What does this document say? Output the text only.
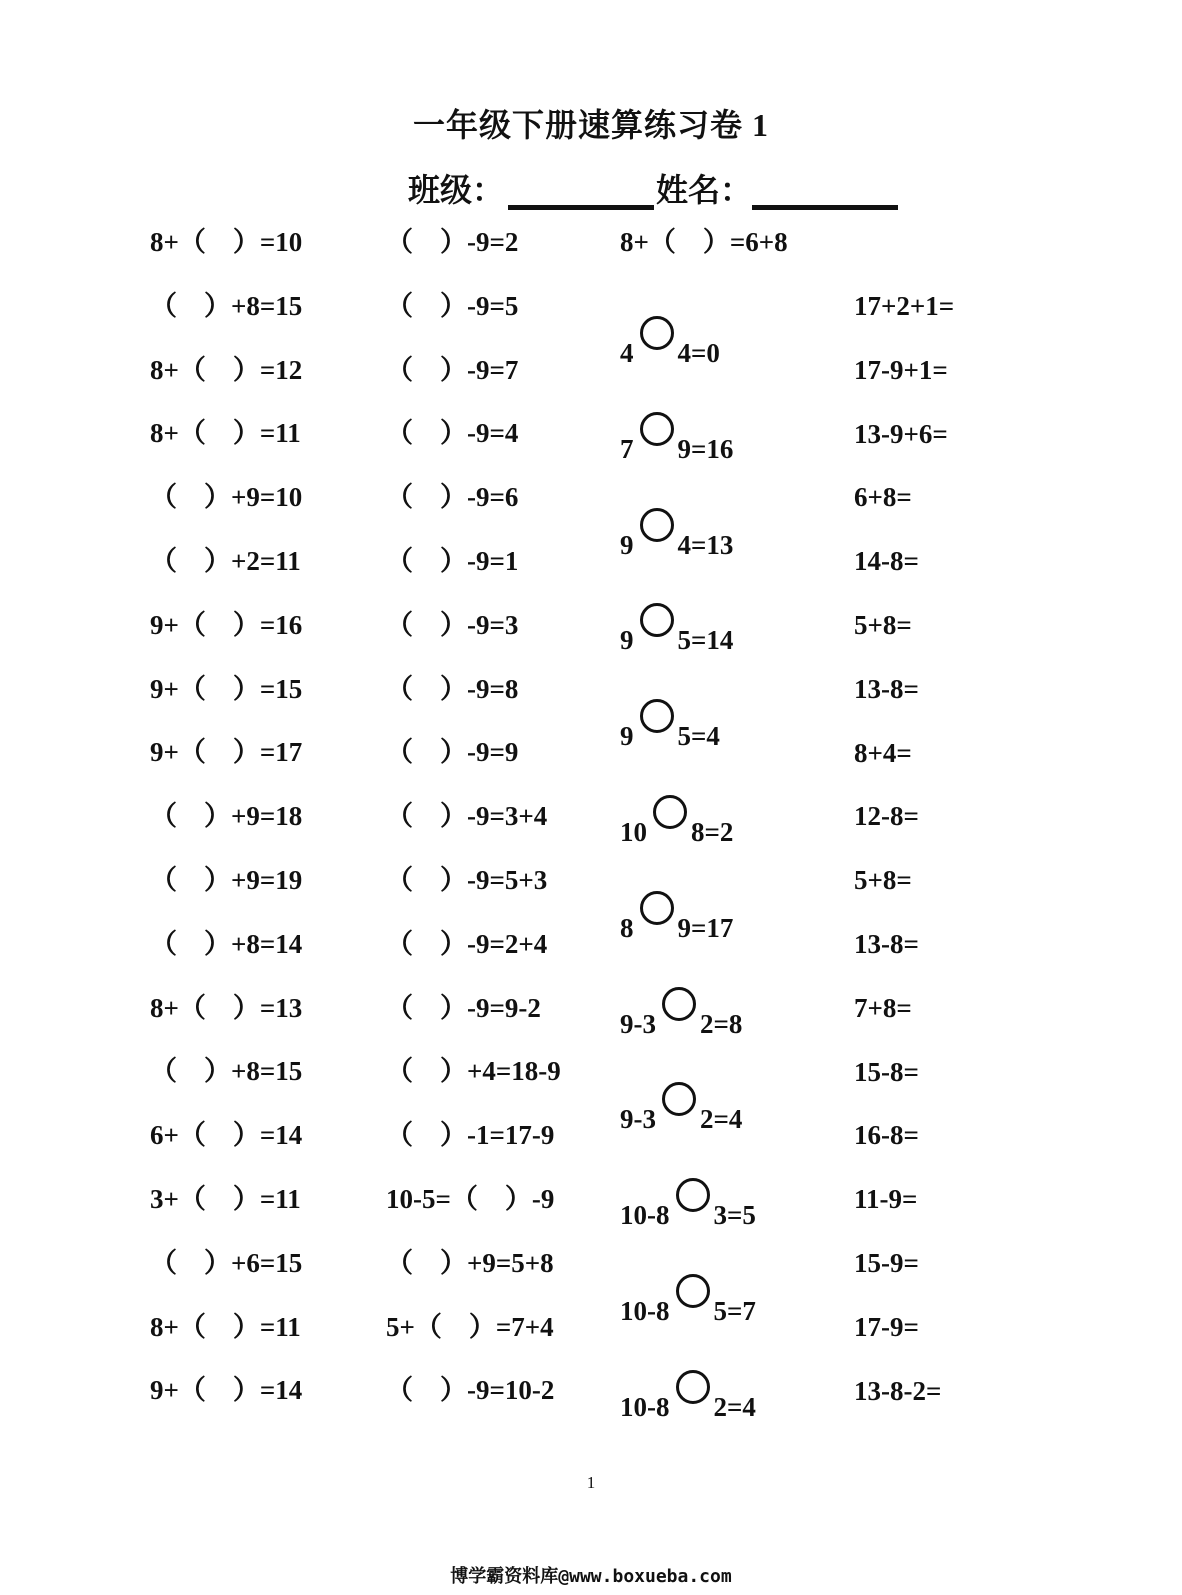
一年级下册速算练习卷 1
班级：	姓名：
8+（　）=10
（　）+8=15
8+（　）=12
8+（　）=11
（　）+9=10
（　）+2=11
9+（　）=16
9+（　）=15
9+（　）=17
（　）+9=18
（　）+9=19
（　）+8=14
8+（　）=13
（　）+8=15
6+（　）=14
3+（　）=11
（　）+6=15
8+（　）=11
9+（　）=14
（　）-9=2
（　）-9=5
（　）-9=7
（　）-9=4
（　）-9=6
（　）-9=1
（　）-9=3
（　）-9=8
（　）-9=9
（　）-9=3+4
（　）-9=5+3
（　）-9=2+4
（　）-9=9-2
（　）+4=18-9
（　）-1=17-9
10-5=（　）-9
（　）+9=5+8
5+（　）=7+4
（　）-9=10-2
8+（　）=6+8
4 4=0
7 9=16
9 4=13
9 5=14
9 5=4
10 8=2
8 9=17
9-3 2=8
9-3 2=4
10-8 3=5
10-8 5=7
10-8 2=4
17+2+1=
17-9+1=
13-9+6=
6+8=
14-8=
5+8=
13-8=
8+4=
12-8=
5+8=
13-8=
7+8=
15-8=
16-8=
11-9=
15-9=
17-9=
13-8-2=
1
博学霸资料库@www.boxueba.com
